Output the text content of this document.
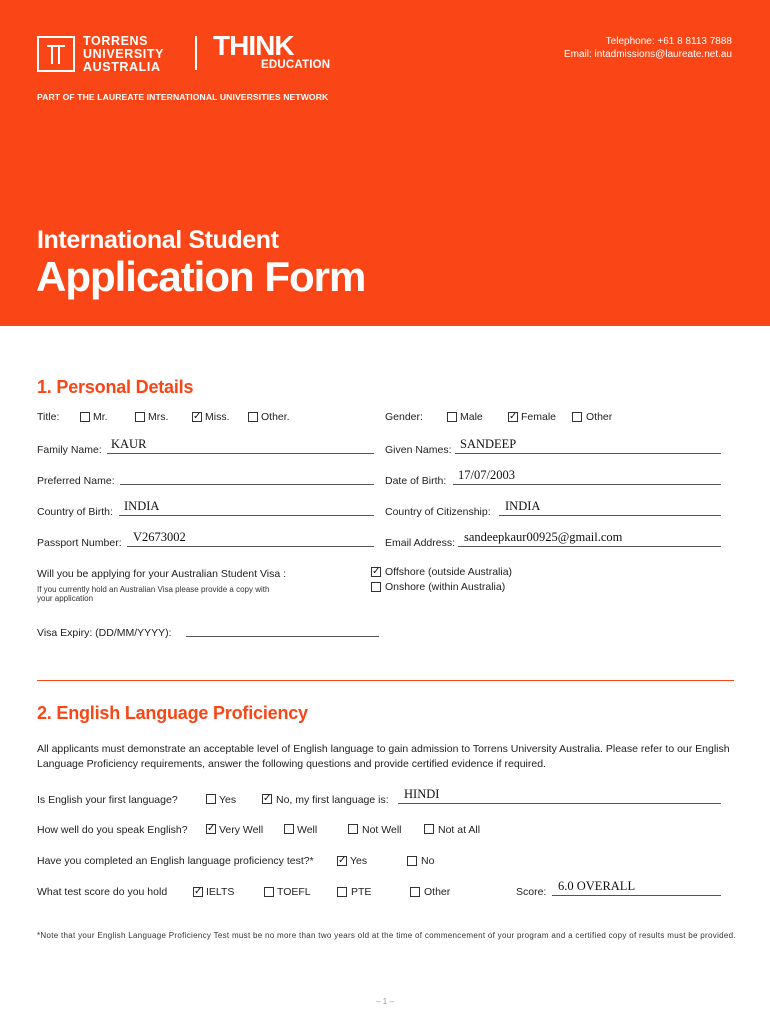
TORRENS
UNIVERSITY
AUSTRALIA
THINK
EDUCATION
PART OF THE LAUREATE INTERNATIONAL UNIVERSITIES NETWORK
Telephone: +61 8 8113 7888
Email: intadmissions@laureate.net.au
International Student
Application Form
1. Personal Details
Title:	Mr.	Mrs. ✓ Miss.	Other.	Gender:	Male	✓ Female	Other
Family Name: KAUR	Given Names: SANDEEP
Preferred Name:	Date of Birth: 17/07/2003
Country of Birth: INDIA	Country of Citizenship: INDIA
Passport Number: V2673002	Email Address: sandeepkaur00925@gmail.com
Will you be applying for your Australian Student Visa :
If you currently hold an Australian Visa please provide a copy with your application
✓ Offshore (outside Australia)
Onshore (within Australia)
Visa Expiry: (DD/MM/YYYY):
2. English Language Proficiency
All applicants must demonstrate an acceptable level of English language to gain admission to Torrens University Australia. Please refer to our English Language Proficiency requirements, answer the following questions and provide certified evidence if required.
Is English your first language?	Yes	✓ No, my first language is: HINDI
How well do you speak English? ✓ Very Well	Well	Not Well	Not at All
Have you completed an English language proficiency test?* ✓ Yes	No
What test score do you hold	✓ IELTS	TOEFL	PTE	Other	Score: 6.0 OVERALL
*Note that your English Language Proficiency Test must be no more than two years old at the time of commencement of your program and a certified copy of results must be provided.
– 1 –
